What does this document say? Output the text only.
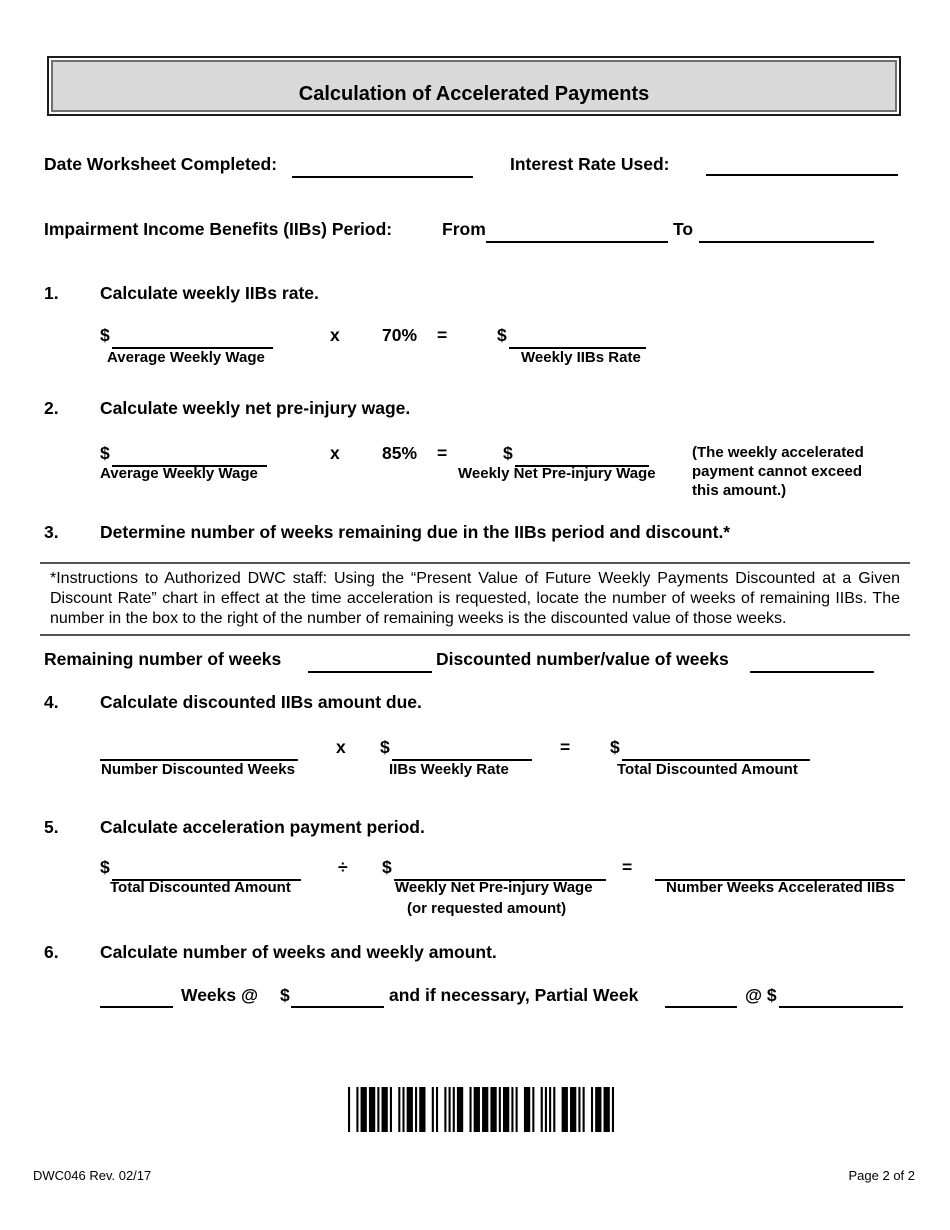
Calculation of Accelerated Payments
Date Worksheet Completed:	Interest Rate Used:
Impairment Income Benefits (IIBs) Period:	From	To
1. Calculate weekly IIBs rate.
$	x 70% =	$
Average Weekly Wage	Weekly IIBs Rate
2. Calculate weekly net pre-injury wage.
$	x 85% =	$
Average Weekly Wage	Weekly Net Pre-injury Wage
(The weekly accelerated payment cannot exceed this amount.)
3. Determine number of weeks remaining due in the IIBs period and discount.*
*Instructions to Authorized DWC staff: Using the “Present Value of Future Weekly Payments Discounted at a Given Discount Rate” chart in effect at the time acceleration is requested, locate the number of weeks of remaining IIBs. The number in the box to the right of the number of remaining weeks is the discounted value of those weeks.
Remaining number of weeks	Discounted number/value of weeks
4. Calculate discounted IIBs amount due.
x $	= $
Number Discounted Weeks	IIBs Weekly Rate	Total Discounted Amount
5. Calculate acceleration payment period.
$	÷ $	=
Total Discounted Amount	Weekly Net Pre-injury Wage	Number Weeks Accelerated IIBs
(or requested amount)
6. Calculate number of weeks and weekly amount.
Weeks @ $	and if necessary, Partial Week	@ $
DWC046 Rev. 02/17	Page 2 of 2
